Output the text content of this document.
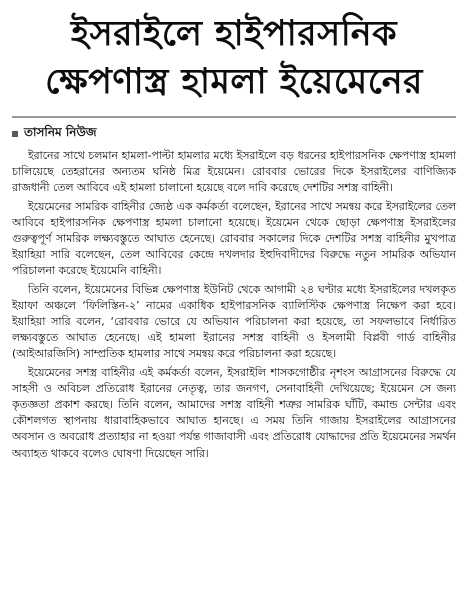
ইসরাইলে হাইপারসনিক
ক্ষেপণাস্ত্র হামলা ইয়েমেনের
তাসনিম নিউজ

ইরানের সাথে চলমান হামলা-পাল্টা হামলার মধ্যে ইসরাইলে বড় ধরনের হাইপারসনিক ক্ষেপণাস্ত্র হামলা চালিয়েছে তেহরানের অন্যতম ঘনিষ্ঠ মিত্র ইয়েমেন। রোববার ভোরের দিকে ইসরাইলের বাণিজ্যিক রাজধানী তেল আবিবে এই হামলা চালানো হয়েছে বলে দাবি করেছে দেশটির সশস্ত্র বাহিনী।

ইয়েমেনের সামরিক বাহিনীর জ্যেষ্ঠ এক কর্মকর্তা বলেছেন, ইরানের সাথে সমন্বয় করে ইসরাইলের তেল আবিবে হাইপারসনিক ক্ষেপণাস্ত্র হামলা চালানো হয়েছে। ইয়েমেন থেকে ছোড়া ক্ষেপণাস্ত্র ইসরাইলের গুরুত্বপূর্ণ সামরিক লক্ষ্যবস্তুতে আঘাত হেনেছে। রোববার সকালের দিকে দেশটির সশস্ত্র বাহিনীর মুখপাত্র ইয়াহিয়া সারি বলেছেন, তেল আবিবের কেন্দ্রে দখলদার ইহুদিবাদীদের বিরুদ্ধে নতুন সামরিক অভিযান পরিচালনা করেছে ইয়েমেনি বাহিনী।

তিনি বলেন, ইয়েমেনের বিভিন্ন ক্ষেপণাস্ত্র ইউনিট থেকে আগামী ২৪ ঘণ্টার মধ্যে ইসরাইলের দখলকৃত ইয়াফা অঞ্চলে ‘ফিলিস্তিন-২’ নামের একাধিক হাইপারসনিক ব্যালিস্টিক ক্ষেপণাস্ত্র নিক্ষেপ করা হবে। ইয়াহিয়া সারি বলেন, ‘রোববার ভোরে যে অভিযান পরিচালনা করা হয়েছে, তা সফলভাবে নির্ধারিত লক্ষ্যবস্তুতে আঘাত হেনেছে। এই হামলা ইরানের সশস্ত্র বাহিনী ও ইসলামী বিপ্লবী গার্ড বাহিনীর (আইআরজিসি) সাম্প্রতিক হামলার সাথে সমন্বয় করে পরিচালনা করা হয়েছে।

ইয়েমেনের সশস্ত্র বাহিনীর এই কর্মকর্তা বলেন, ইসরাইলি শাসকগোষ্ঠীর নৃশংস আগ্রাসনের বিরুদ্ধে যে সাহসী ও অবিচল প্রতিরোধ ইরানের নেতৃত্ব, তার জনগণ, সেনাবাহিনী দেখিয়েছে; ইয়েমেন সে জন্য কৃতজ্ঞতা প্রকাশ করছে। তিনি বলেন, আমাদের সশস্ত্র বাহিনী শত্রুর সামরিক ঘাঁটি, কমান্ড সেন্টার এবং কৌশলগত স্থাপনায় ধারাবাহিকভাবে আঘাত হানছে। এ সময় তিনি গাজায় ইসরাইলের আগ্রাসনের অবসান ও অবরোধ প্রত্যাহার না হওয়া পর্যন্ত গাজাবাসী এবং প্রতিরোধ যোদ্ধাদের প্রতি ইয়েমেনের সমর্থন অব্যাহত থাকবে বলেও ঘোষণা দিয়েছেন সারি।
